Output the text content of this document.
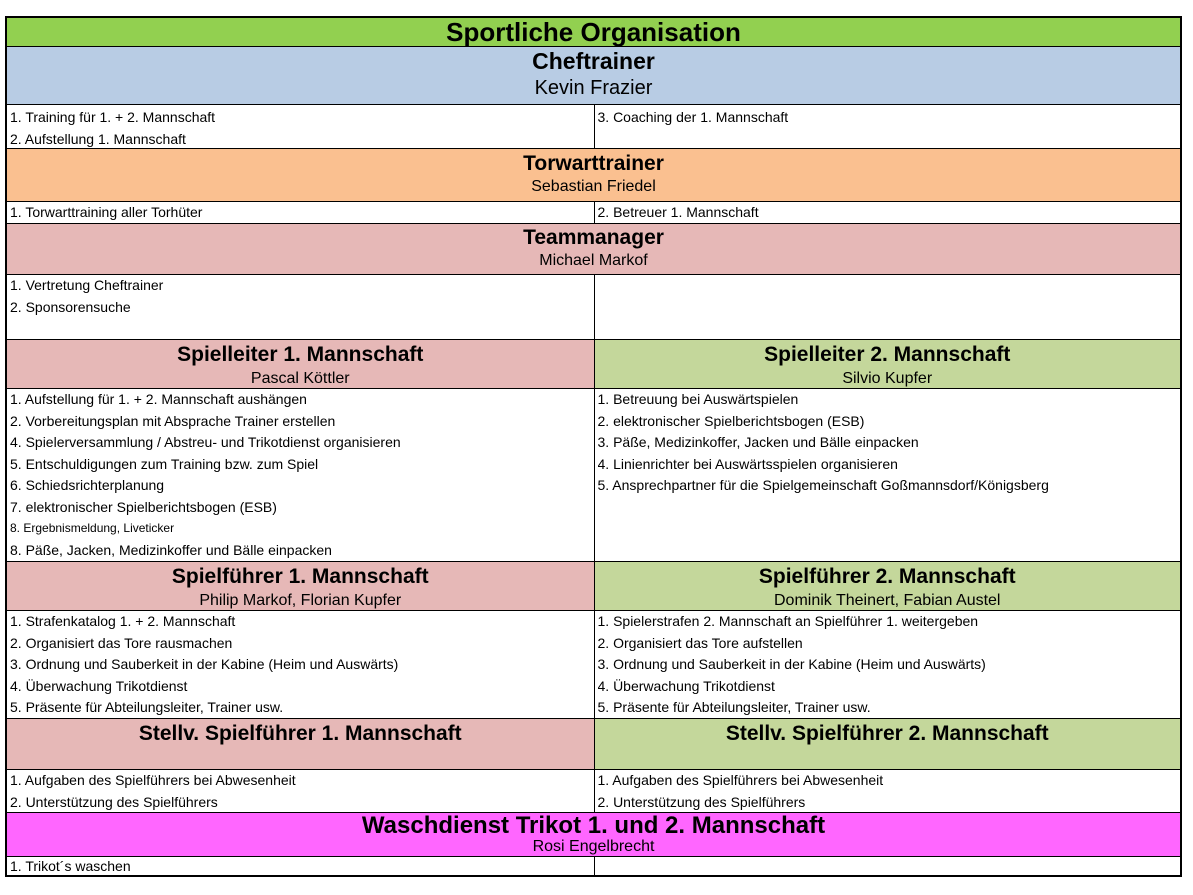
Sportliche Organisation
Cheftrainer
Kevin Frazier
1. Training für 1. + 2. Mannschaft
2. Aufstellung 1. Mannschaft
3. Coaching der 1. Mannschaft
Torwarttrainer
Sebastian Friedel
1. Torwarttraining aller Torhüter	2. Betreuer 1. Mannschaft
Teammanager
Michael Markof
1. Vertretung Cheftrainer
2. Sponsorensuche
Spielleiter 1. Mannschaft
Pascal Köttler
Spielleiter 2. Mannschaft
Silvio Kupfer
1. Aufstellung für 1. + 2. Mannschaft aushängen
2. Vorbereitungsplan mit Absprache Trainer erstellen
4. Spielerversammlung / Abstreu- und Trikotdienst organisieren
5. Entschuldigungen zum Training bzw. zum Spiel
6. Schiedsrichterplanung
7. elektronischer Spielberichtsbogen (ESB)
8. Ergebnismeldung, Liveticker
8. Päße, Jacken, Medizinkoffer und Bälle einpacken
1. Betreuung bei Auswärtspielen
2. elektronischer Spielberichtsbogen (ESB)
3. Päße, Medizinkoffer, Jacken und Bälle einpacken
4. Linienrichter bei Auswärtsspielen organisieren
5. Ansprechpartner für die Spielgemeinschaft Goßmannsdorf/Königsberg
Spielführer 1. Mannschaft
Philip Markof, Florian Kupfer
Spielführer 2. Mannschaft
Dominik Theinert, Fabian Austel
1. Strafenkatalog 1. + 2. Mannschaft
2. Organisiert das Tore rausmachen
3. Ordnung und Sauberkeit in der Kabine (Heim und Auswärts)
4. Überwachung Trikotdienst
5. Präsente für Abteilungsleiter, Trainer usw.
1. Spielerstrafen 2. Mannschaft an Spielführer 1. weitergeben
2. Organisiert das Tore aufstellen
3. Ordnung und Sauberkeit in der Kabine (Heim und Auswärts)
4. Überwachung Trikotdienst
5. Präsente für Abteilungsleiter, Trainer usw.
Stellv. Spielführer 1. Mannschaft	Stellv. Spielführer 2. Mannschaft
1. Aufgaben des Spielführers bei Abwesenheit
2. Unterstützung des Spielführers
1. Aufgaben des Spielführers bei Abwesenheit
2. Unterstützung des Spielführers
Waschdienst Trikot 1. und 2. Mannschaft
Rosi Engelbrecht
1. Trikot´s waschen
